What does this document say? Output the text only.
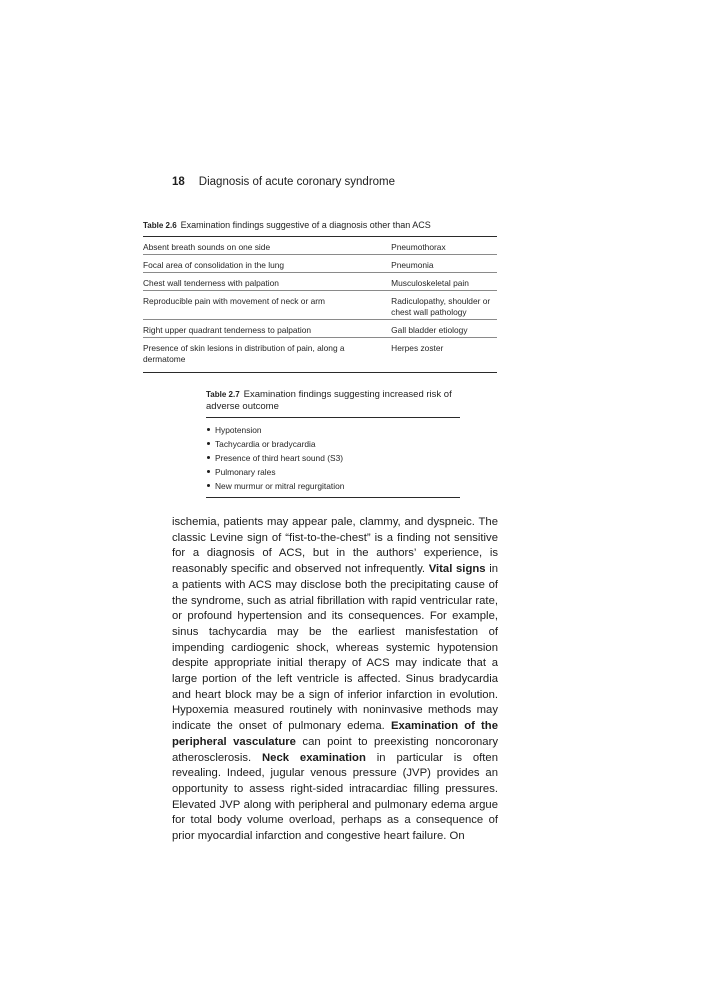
18 Diagnosis of acute coronary syndrome
Table 2.6 Examination findings suggestive of a diagnosis other than ACS
Absent breath sounds on one side	Pneumothorax
Focal area of consolidation in the lung	Pneumonia
Chest wall tenderness with palpation	Musculoskeletal pain
Reproducible pain with movement of neck or arm	Radiculopathy, shoulder or chest wall pathology
Right upper quadrant tenderness to palpation	Gall bladder etiology
Presence of skin lesions in distribution of pain, along a dermatome	Herpes zoster
Table 2.7 Examination findings suggesting increased risk of adverse outcome
Hypotension
Tachycardia or bradycardia
Presence of third heart sound (S3)
Pulmonary rales
New murmur or mitral regurgitation

ischemia, patients may appear pale, clammy, and dyspneic. The classic Levine sign of “fist-to-the-chest” is a finding not sensitive for a diagnosis of ACS, but in the authors’ experience, is reasonably specific and observed not infrequently. Vital signs in a patients with ACS may disclose both the precipitating cause of the syndrome, such as atrial fibrillation with rapid ventricular rate, or profound hypertension and its consequences. For example, sinus tachycardia may be the earliest manisfestation of impending cardiogenic shock, whereas systemic hypotension despite appropriate initial therapy of ACS may indicate that a large portion of the left ventricle is affected. Sinus bradycardia and heart block may be a sign of inferior infarction in evolution. Hypoxemia measured routinely with noninvasive methods may indicate the onset of pulmonary edema. Examination of the peripheral vasculature can point to preexisting noncoronary atherosclerosis. Neck examination in particular is often revealing. Indeed, jugular venous pressure (JVP) provides an opportunity to assess right-sided intracardiac filling pressures. Elevated JVP along with peripheral and pulmonary edema argue for total body volume overload, perhaps as a consequence of prior myocardial infarction and congestive heart failure. On
